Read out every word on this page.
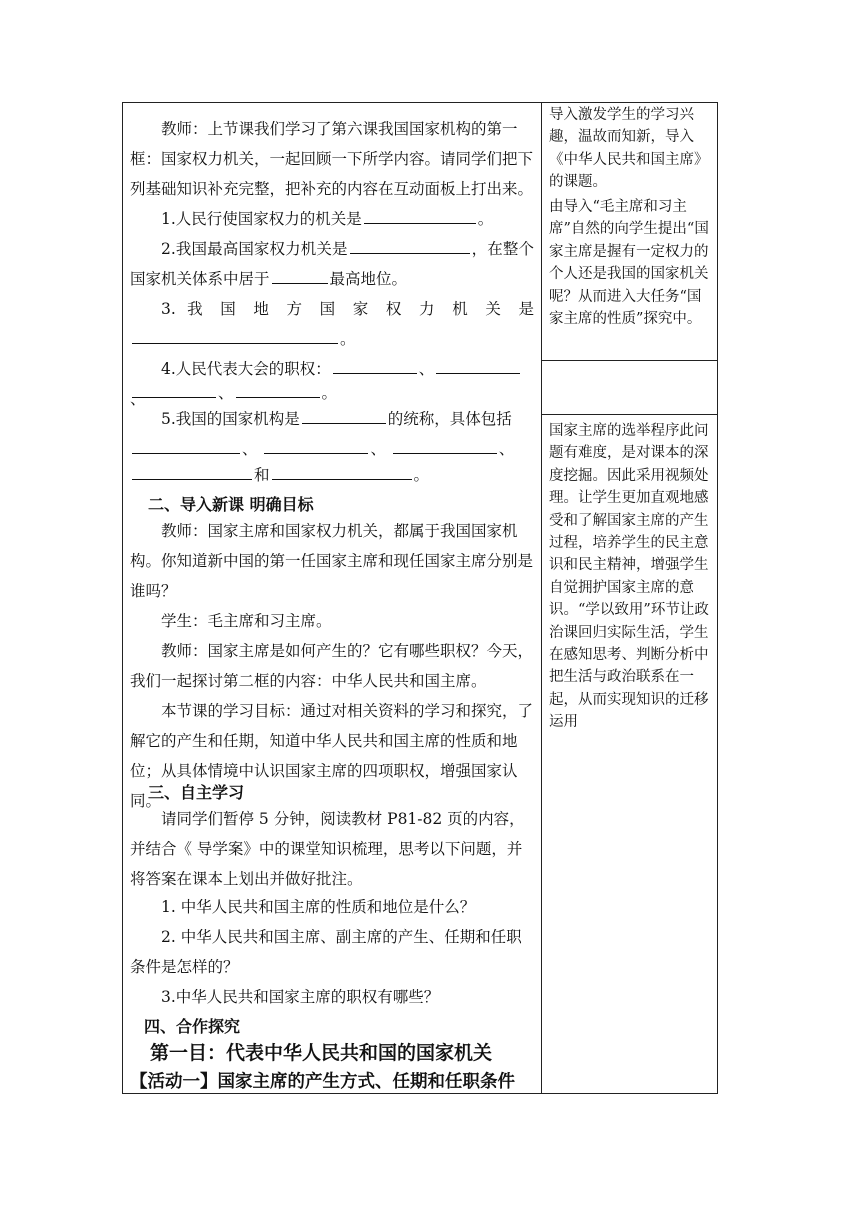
教师：上节课我们学习了第六课我国国家机构的第一框：国家权力机关，一起回顾一下所学内容。请同学们把下列基础知识补充完整，把补充的内容在互动面板上打出来。

1.人民行使国家权力的机关是	。

2.我国最高国家权力机关是	，在整个

国家机关体系中居于	最高地位。

3. 我 国 地 方 国 家 权 力 机 关 是

。

4.人民代表大会的职权：	、、	、	。

5.我国的国家机构是	的统称，具体包括

、	、	、

和	。

二、导入新课 明确目标

教师：国家主席和国家权力机关，都属于我国国家机构。你知道新中国的第一任国家主席和现任国家主席分别是谁吗？

学生：毛主席和习主席。

教师：国家主席是如何产生的？它有哪些职权？今天，我们一起探讨第二框的内容：中华人民共和国主席。

本节课的学习目标：通过对相关资料的学习和探究，了解它的产生和任期，知道中华人民共和国主席的性质和地位；从具体情境中认识国家主席的四项职权，增强国家认同。

三、自主学习

请同学们暂停 5 分钟，阅读教材 P81-82 页的内容，并结合《 导学案》中的课堂知识梳理，思考以下问题，并将答案在课本上划出并做好批注。

1. 中华人民共和国主席的性质和地位是什么？

2. 中华人民共和国主席、副主席的产生、任期和任职条件是怎样的？

3.中华人民共和国家主席的职权有哪些？

四、合作探究
第一目：代表中华人民共和国的国家机关
【活动一】国家主席的产生方式、任期和任职条件

导入激发学生的学习兴趣，温故而知新，导入《中华人民共和国主席》的课题。

由导入“毛主席和习主席”自然的向学生提出“国家主席是握有一定权力的个人还是我国的国家机关呢？从而进入大任务“国家主席的性质”探究中。

国家主席的选举程序此问题有难度，是对课本的深度挖掘。因此采用视频处理。让学生更加直观地感受和了解国家主席的产生过程，培养学生的民主意识和民主精神，增强学生自觉拥护国家主席的意识。“学以致用”环节让政治课回归实际生活，学生在感知思考、判断分析中把生活与政治联系在一起，从而实现知识的迁移运用
